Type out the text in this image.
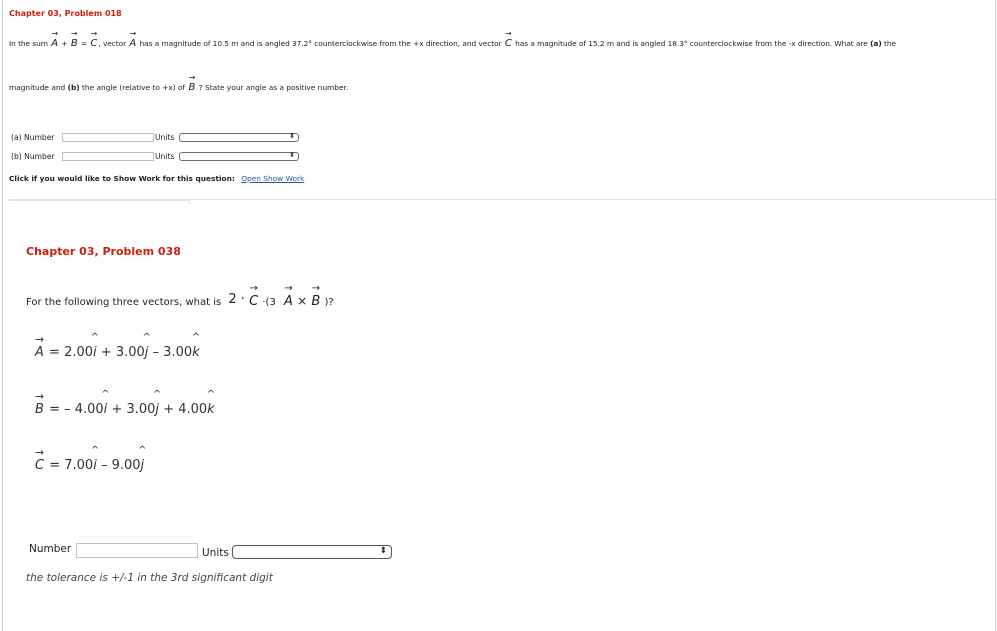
Chapter 03, Problem 018
In the sum → A + → B = → C, vector → A has a magnitude of 10.5 m and is angled 37.2° counterclockwise from the +x direction, and vector → C has a magnitude of 15.2 m and is angled 18.3° counterclockwise from the -x direction. What are (a) the
magnitude and (b) the angle (relative to +x) of → B ? State your angle as a positive number.
(a) Number	Units	⬍
(b) Number	Units	⬍
Click if you would like to Show Work for this question: Open Show Work
Chapter 03, Problem 038
For the following three vectors, what is 2 · → C ·(3 → A × → B )?
→ A = 2.00^ i + 3.00^ j – 3.00^ k
→ B = – 4.00^ i + 3.00^ j + 4.00^ k
→ C = 7.00^ i – 9.00^ j
Number	Units	⬍
the tolerance is +/-1 in the 3rd significant digit
